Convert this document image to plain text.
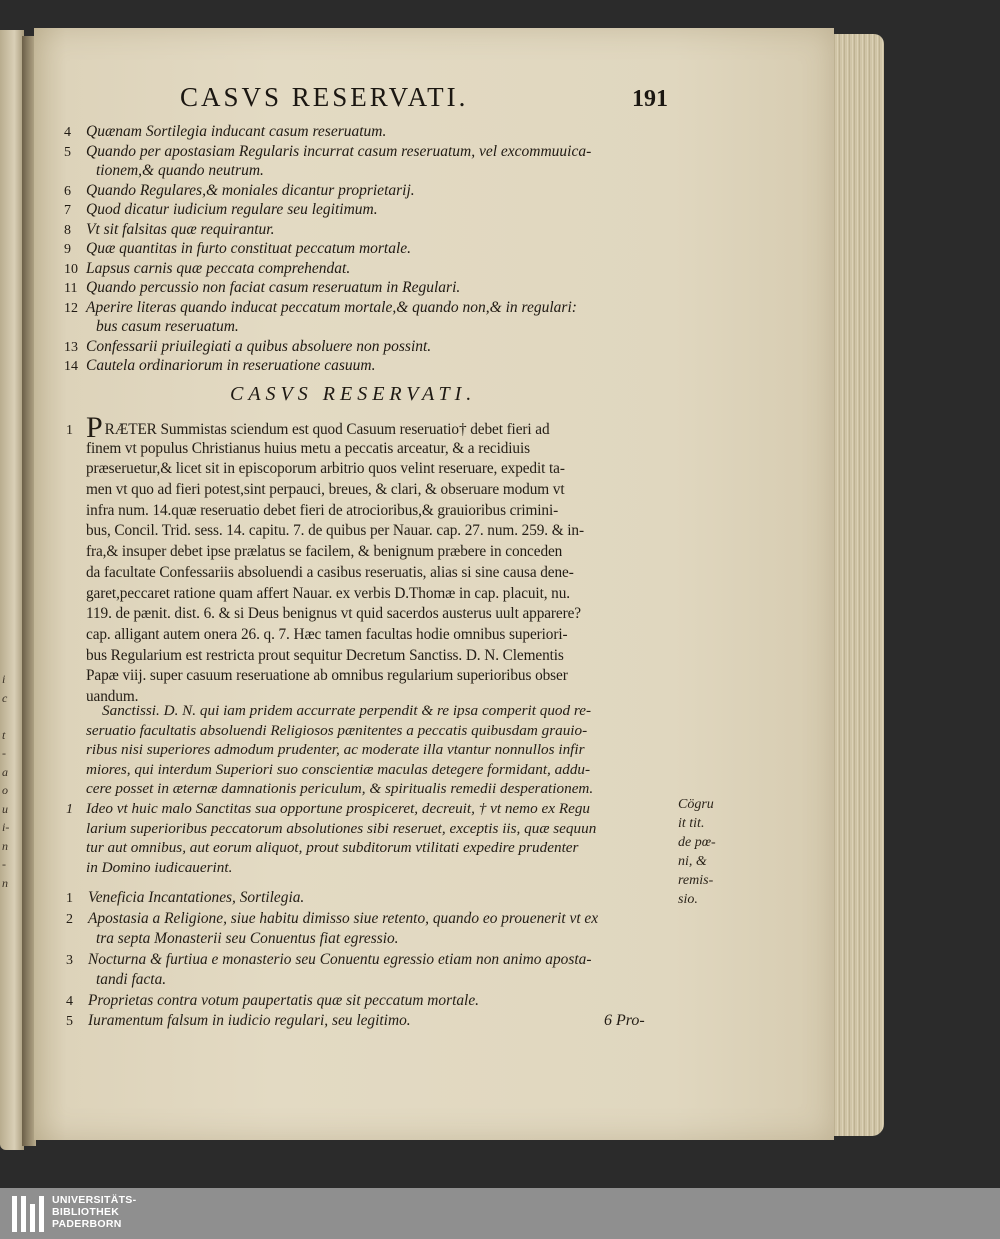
i
c
t
-
a
o
u
i-
n
-
n
CASVS RESERVATI.	191
4 Quænam Sortilegia inducant casum reseruatum.
5 Quando per apostasiam Regularis incurrat casum reseruatum, vel excommuuica-
tionem,& quando neutrum.
6 Quando Regulares,& moniales dicantur proprietarij.
7 Quod dicatur iudicium regulare seu legitimum.
8 Vt sit falsitas quæ requirantur.
9 Quæ quantitas in furto constituat peccatum mortale.
10 Lapsus carnis quæ peccata comprehendat.
11 Quando percussio non faciat casum reseruatum in Regulari.
12 Aperire literas quando inducat peccatum mortale,& quando non,& in regulari:
bus casum reseruatum.
13 Confessarii priuilegiati a quibus absoluere non possint.
14 Cautela ordinariorum in reseruatione casuum.
CASVS RESERVATI.
1 P RÆTER Summistas sciendum est quod Casuum reseruatio† debet fieri ad
finem vt populus Christianus huius metu a peccatis arceatur, & a recidiuis
præseruetur,& licet sit in episcoporum arbitrio quos velint reseruare, expedit ta-
men vt quo ad fieri potest,sint perpauci, breues, & clari, & obseruare modum vt
infra num. 14.quæ reseruatio debet fieri de atrocioribus,& grauioribus crimini-
bus, Concil. Trid. sess. 14. capitu. 7. de quibus per Nauar. cap. 27. num. 259. & in-
fra,& insuper debet ipse prælatus se facilem, & benignum præbere in conceden
da facultate Confessariis absoluendi a casibus reseruatis, alias si sine causa dene-
garet,peccaret ratione quam affert Nauar. ex verbis D.Thomæ in cap. placuit, nu.
119. de pænit. dist. 6. & si Deus benignus vt quid sacerdos austerus uult apparere?
cap. alligant autem onera 26. q. 7. Hæc tamen facultas hodie omnibus superiori-
bus Regularium est restricta prout sequitur Decretum Sanctiss. D. N. Clementis
Papæ viij. super casuum reseruatione ab omnibus regularium superioribus obser
uandum.
Sanctissi. D. N. qui iam pridem accurrate perpendit & re ipsa comperit quod re-
seruatio facultatis absoluendi Religiosos pænitentes a peccatis quibusdam grauio-
ribus nisi superiores admodum prudenter, ac moderate illa vtantur nonnullos infir
miores, qui interdum Superiori suo conscientiæ maculas detegere formidant, addu-
cere posset in æternæ damnationis periculum, & spiritualis remedii desperationem.
1 Ideo vt huic malo Sanctitas sua opportune prospiceret, decreuit, † vt nemo ex Regu
larium superioribus peccatorum absolutiones sibi reseruet, exceptis iis, quæ sequun
tur aut omnibus, aut eorum aliquot, prout subditorum vtilitati expedire prudenter
in Domino iudicauerint.
Cögru
it tit.
de pœ-
ni, &
remis-
sio.
1 Veneficia Incantationes, Sortilegia.
2 Apostasia a Religione, siue habitu dimisso siue retento, quando eo prouenerit vt ex
tra septa Monasterii seu Conuentus fiat egressio.
3 Nocturna & furtiua e monasterio seu Conuentu egressio etiam non animo aposta-
tandi facta.
4 Proprietas contra votum paupertatis quæ sit peccatum mortale.
5 Iuramentum falsum in iudicio regulari, seu legitimo.	6 Pro-
UNIVERSITÄTS-
BIBLIOTHEK
PADERBORN
